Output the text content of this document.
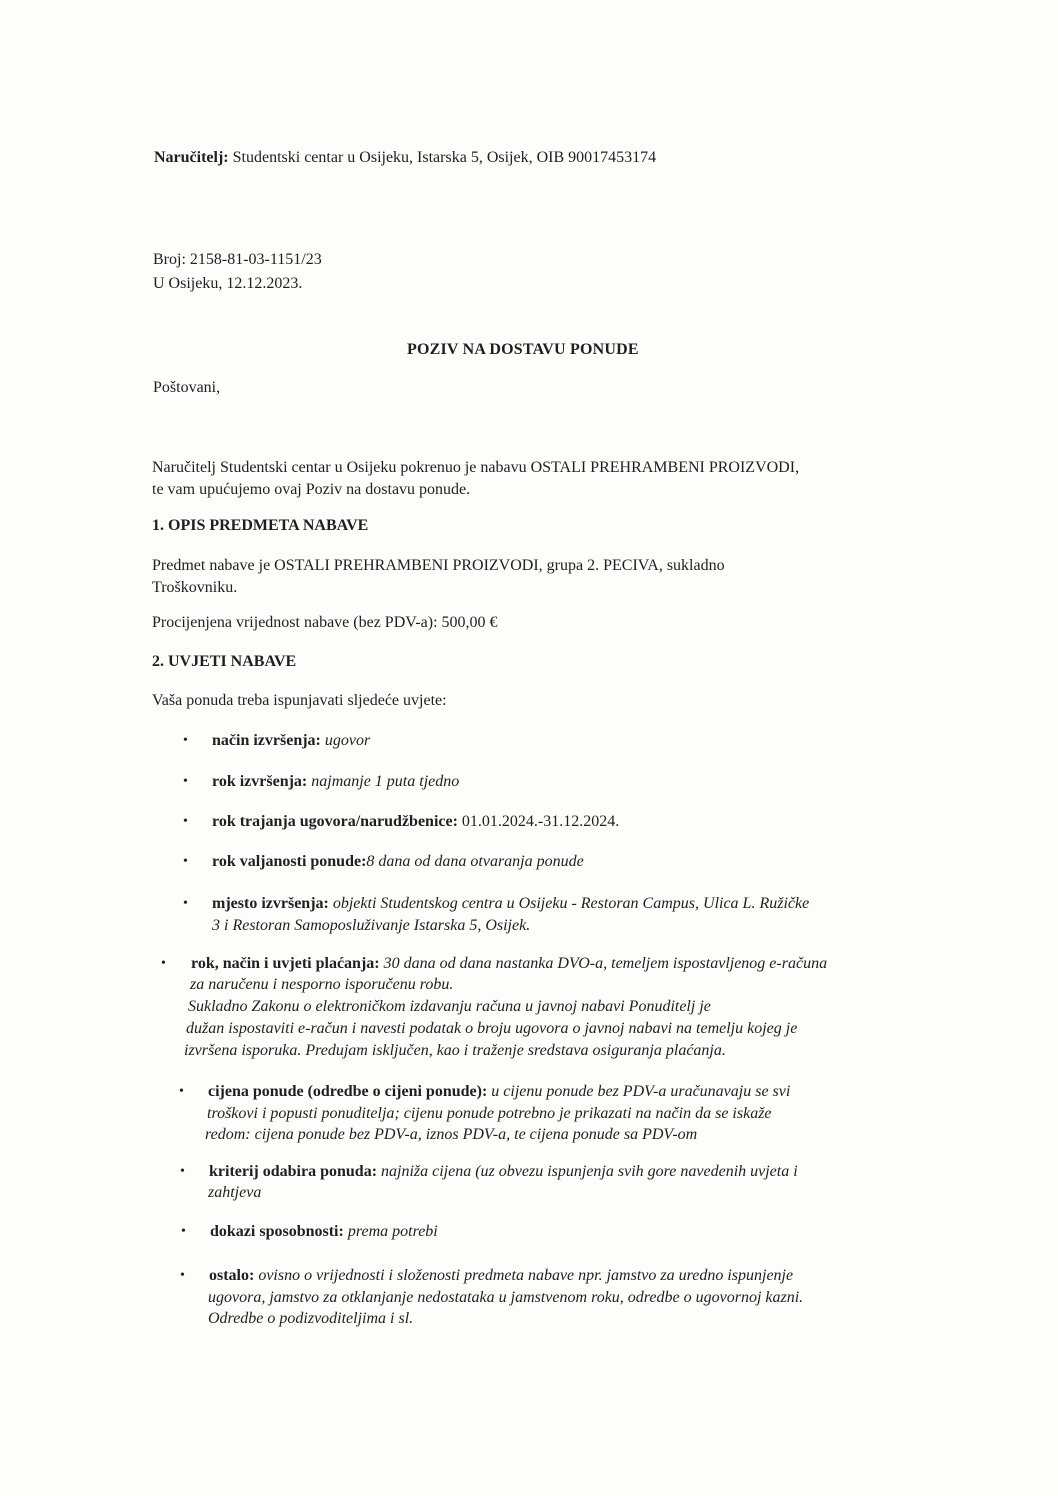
Naručitelj: Studentski centar u Osijeku, Istarska 5, Osijek, OIB 90017453174
Broj: 2158-81-03-1151/23
U Osijeku, 12.12.2023.
POZIV NA DOSTAVU PONUDE
Poštovani,
Naručitelj Studentski centar u Osijeku pokrenuo je nabavu OSTALI PREHRAMBENI PROIZVODI,
te vam upućujemo ovaj Poziv na dostavu ponude.
1. OPIS PREDMETA NABAVE
Predmet nabave je OSTALI PREHRAMBENI PROIZVODI, grupa 2. PECIVA, sukladno
Troškovniku.
Procijenjena vrijednost nabave (bez PDV-a): 500,00 €
2. UVJETI NABAVE
Vaša ponuda treba ispunjavati sljedeće uvjete:
• način izvršenja: ugovor
• rok izvršenja: najmanje 1 puta tjedno
• rok trajanja ugovora/narudžbenice: 01.01.2024.-31.12.2024.
• rok valjanosti ponude:8 dana od dana otvaranja ponude
• mjesto izvršenja: objekti Studentskog centra u Osijeku - Restoran Campus, Ulica L. Ružičke
3 i Restoran Samoposluživanje Istarska 5, Osijek.
• rok, način i uvjeti plaćanja: 30 dana od dana nastanka DVO-a, temeljem ispostavljenog e-računa
za naručenu i nesporno isporučenu robu.
Sukladno Zakonu o elektroničkom izdavanju računa u javnoj nabavi Ponuditelj je
dužan ispostaviti e-račun i navesti podatak o broju ugovora o javnoj nabavi na temelju kojeg je
izvršena isporuka. Predujam isključen, kao i traženje sredstava osiguranja plaćanja.
• cijena ponude (odredbe o cijeni ponude): u cijenu ponude bez PDV-a uračunavaju se svi
troškovi i popusti ponuditelja; cijenu ponude potrebno je prikazati na način da se iskaže
redom: cijena ponude bez PDV-a, iznos PDV-a, te cijena ponude sa PDV-om
• kriterij odabira ponuda: najniža cijena (uz obvezu ispunjenja svih gore navedenih uvjeta i
zahtjeva
• dokazi sposobnosti: prema potrebi
• ostalo: ovisno o vrijednosti i složenosti predmeta nabave npr. jamstvo za uredno ispunjenje
ugovora, jamstvo za otklanjanje nedostataka u jamstvenom roku, odredbe o ugovornoj kazni.
Odredbe o podizvoditeljima i sl.
